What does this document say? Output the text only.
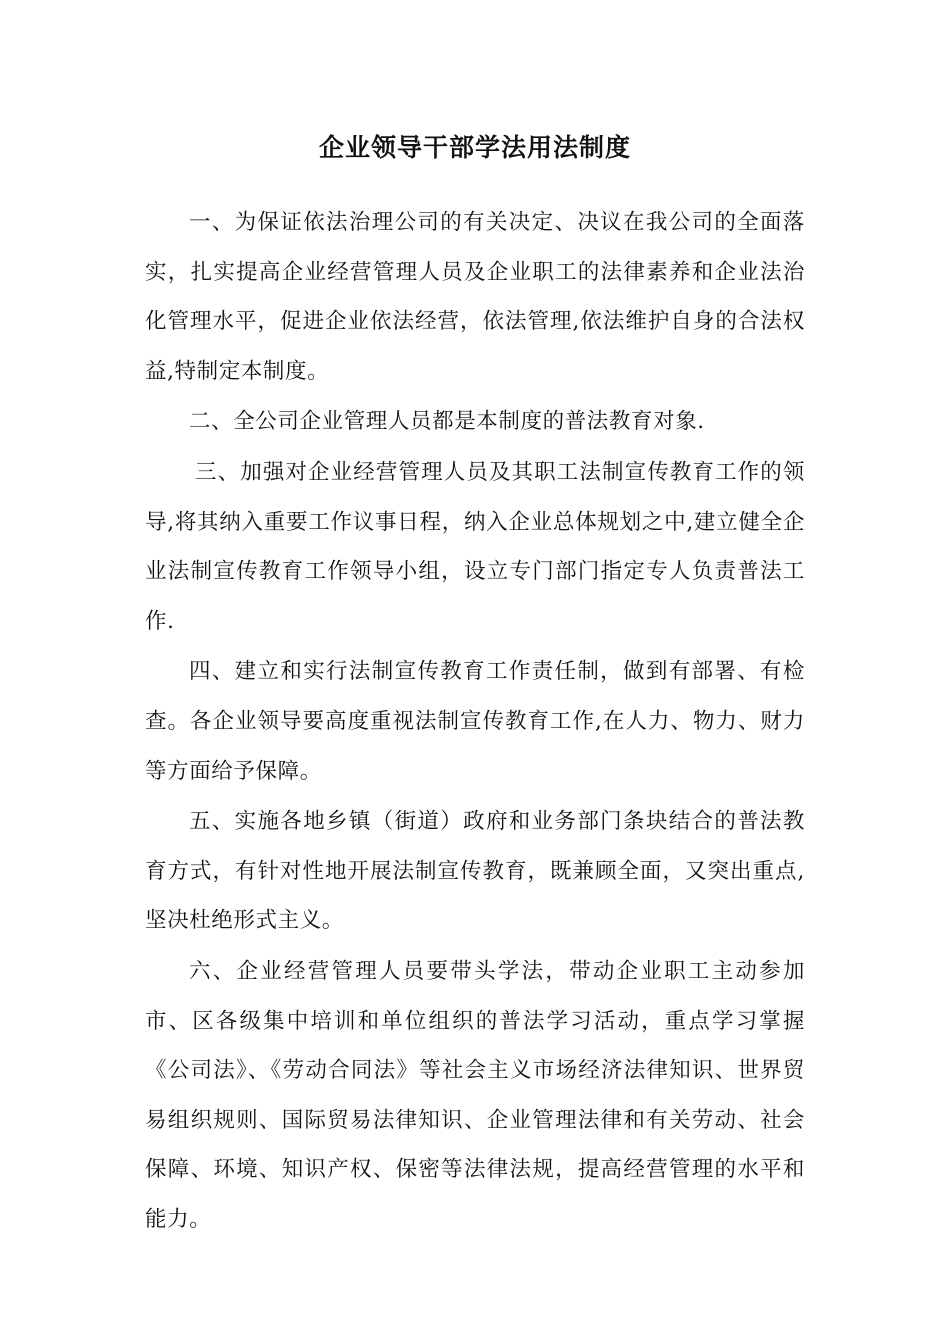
企业领导干部学法用法制度

一、为保证依法治理公司的有关决定、决议在我公司的全面落实，扎实提高企业经营管理人员及企业职工的法律素养和企业法治化管理水平，促进企业依法经营，依法管理,依法维护自身的合法权益,特制定本制度。

二、全公司企业管理人员都是本制度的普法教育对象.

三、加强对企业经营管理人员及其职工法制宣传教育工作的领导,将其纳入重要工作议事日程，纳入企业总体规划之中,建立健全企业法制宣传教育工作领导小组，设立专门部门指定专人负责普法工作.

四、建立和实行法制宣传教育工作责任制，做到有部署、有检查。各企业领导要高度重视法制宣传教育工作,在人力、物力、财力等方面给予保障。

五、实施各地乡镇（街道）政府和业务部门条块结合的普法教育方式，有针对性地开展法制宣传教育，既兼顾全面，又突出重点,坚决杜绝形式主义。

六、企业经营管理人员要带头学法，带动企业职工主动参加市、区各级集中培训和单位组织的普法学习活动，重点学习掌握《公司法》、《劳动合同法》等社会主义市场经济法律知识、世界贸易组织规则、国际贸易法律知识、企业管理法律和有关劳动、社会保障、环境、知识产权、保密等法律法规，提高经营管理的水平和能力。
